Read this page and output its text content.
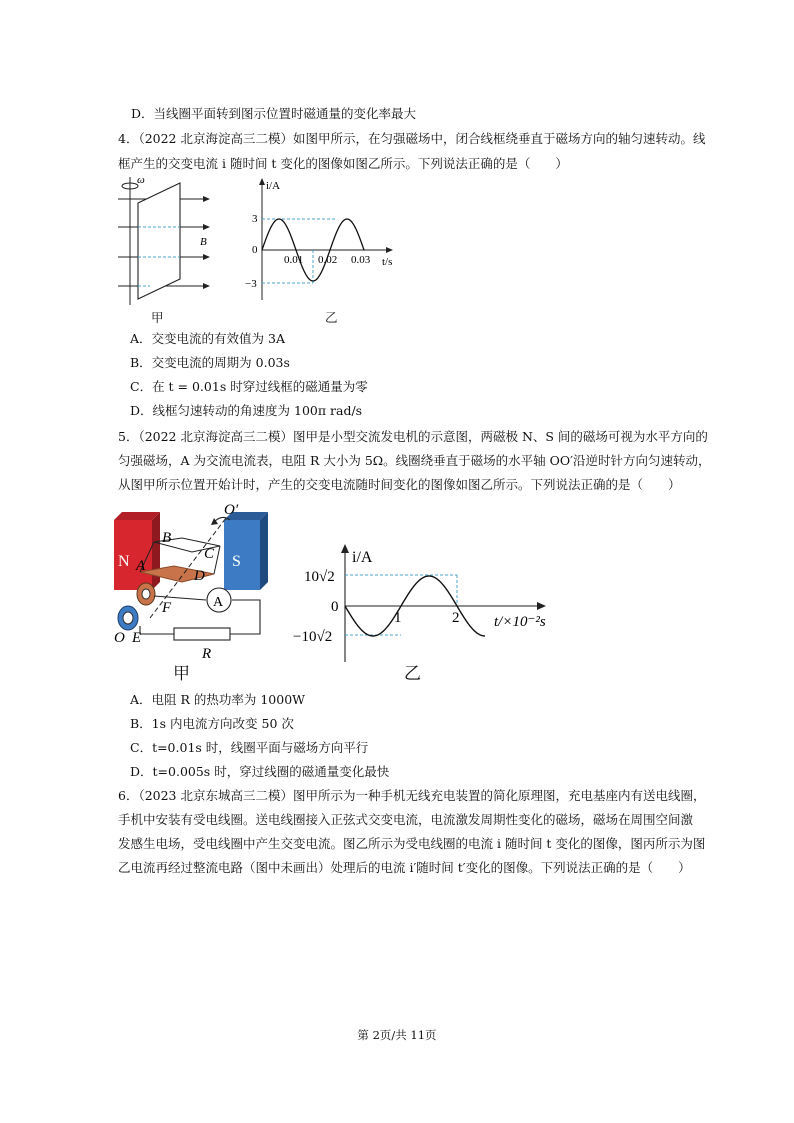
D．当线圈平面转到图示位置时磁通量的变化率最大
4．（2022 北京海淀高三二模）如图甲所示，在匀强磁场中，闭合线框绕垂直于磁场方向的轴匀速转动。线
框产生的交变电流 i 随时间 t 变化的图像如图乙所示。下列说法正确的是（　　）
ω
B
甲
i/A
3
0
−3
0.01 0.02 0.03 t/s
乙
A．交变电流的有效值为 3A
B．交变电流的周期为 0.03s
C．在 t = 0.01s 时穿过线框的磁通量为零
D．线框匀速转动的角速度为 100π rad/s
5．（2022 北京海淀高三二模）图甲是小型交流发电机的示意图，两磁极 N、S 间的磁场可视为水平方向的
匀强磁场，A 为交流电流表，电阻 R 大小为 5Ω。线圈绕垂直于磁场的水平轴 OO′沿逆时针方向匀速转动，
从图甲所示位置开始计时，产生的交变电流随时间变化的图像如图乙所示。下列说法正确的是（　　）
N	S
O′
B
A
C
D
F
O E
A
R
甲
i/A
10√2
0
−10√2
1	2 t/×10⁻²s
乙
A．电阻 R 的热功率为 1000W
B．1s 内电流方向改变 50 次
C．t=0.01s 时，线圈平面与磁场方向平行
D．t=0.005s 时，穿过线圈的磁通量变化最快
6．（2023 北京东城高三二模）图甲所示为一种手机无线充电装置的简化原理图，充电基座内有送电线圈，
手机中安装有受电线圈。送电线圈接入正弦式交变电流，电流激发周期性变化的磁场，磁场在周围空间激
发感生电场，受电线圈中产生交变电流。图乙所示为受电线圈的电流 i 随时间 t 变化的图像，图丙所示为图
乙电流再经过整流电路（图中未画出）处理后的电流 i′随时间 t′变化的图像。下列说法正确的是（　　）
第 2页/共 11页
